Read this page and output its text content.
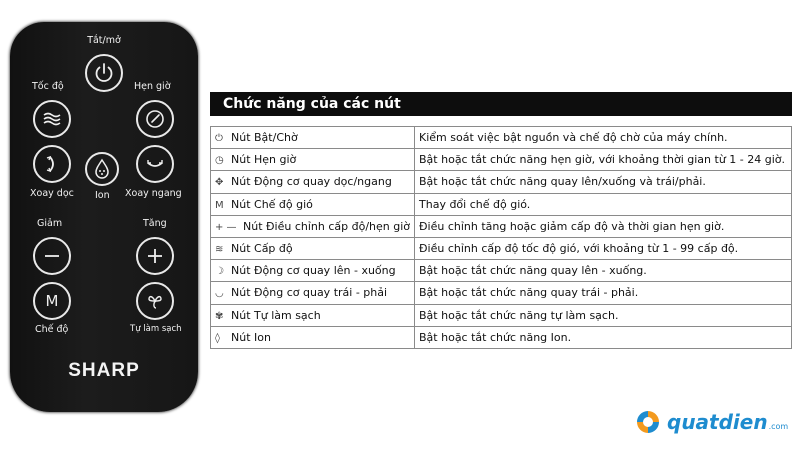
Tắt/mở
Tốc độ	Hẹn giờ
Xoay dọc Ion Xoay ngang
Giảm	Tăng
M
Chế độ	Tự làm sạch
SHARP
Chức năng của các nút
⏻ Nút Bật/Chờ	Kiểm soát việc bật nguồn và chế độ chờ của máy chính.
◷ Nút Hẹn giờ	Bật hoặc tắt chức năng hẹn giờ, với khoảng thời gian từ 1 - 24 giờ.
✥ Nút Động cơ quay dọc/ngang	Bật hoặc tắt chức năng quay lên/xuống và trái/phải.
M Nút Chế độ gió	Thay đổi chế độ gió.
+ — Nút Điều chỉnh cấp độ/hẹn giờ	Điều chỉnh tăng hoặc giảm cấp độ và thời gian hẹn giờ.
≋ Nút Cấp độ	Điều chỉnh cấp độ tốc độ gió, với khoảng từ 1 - 99 cấp độ.
☽ Nút Động cơ quay lên - xuống	Bật hoặc tắt chức năng quay lên - xuống.
◡ Nút Động cơ quay trái - phải	Bật hoặc tắt chức năng quay trái - phải.
✾ Nút Tự làm sạch	Bật hoặc tắt chức năng tự làm sạch.
◊ Nút Ion	Bật hoặc tắt chức năng Ion.
quatdien .com
